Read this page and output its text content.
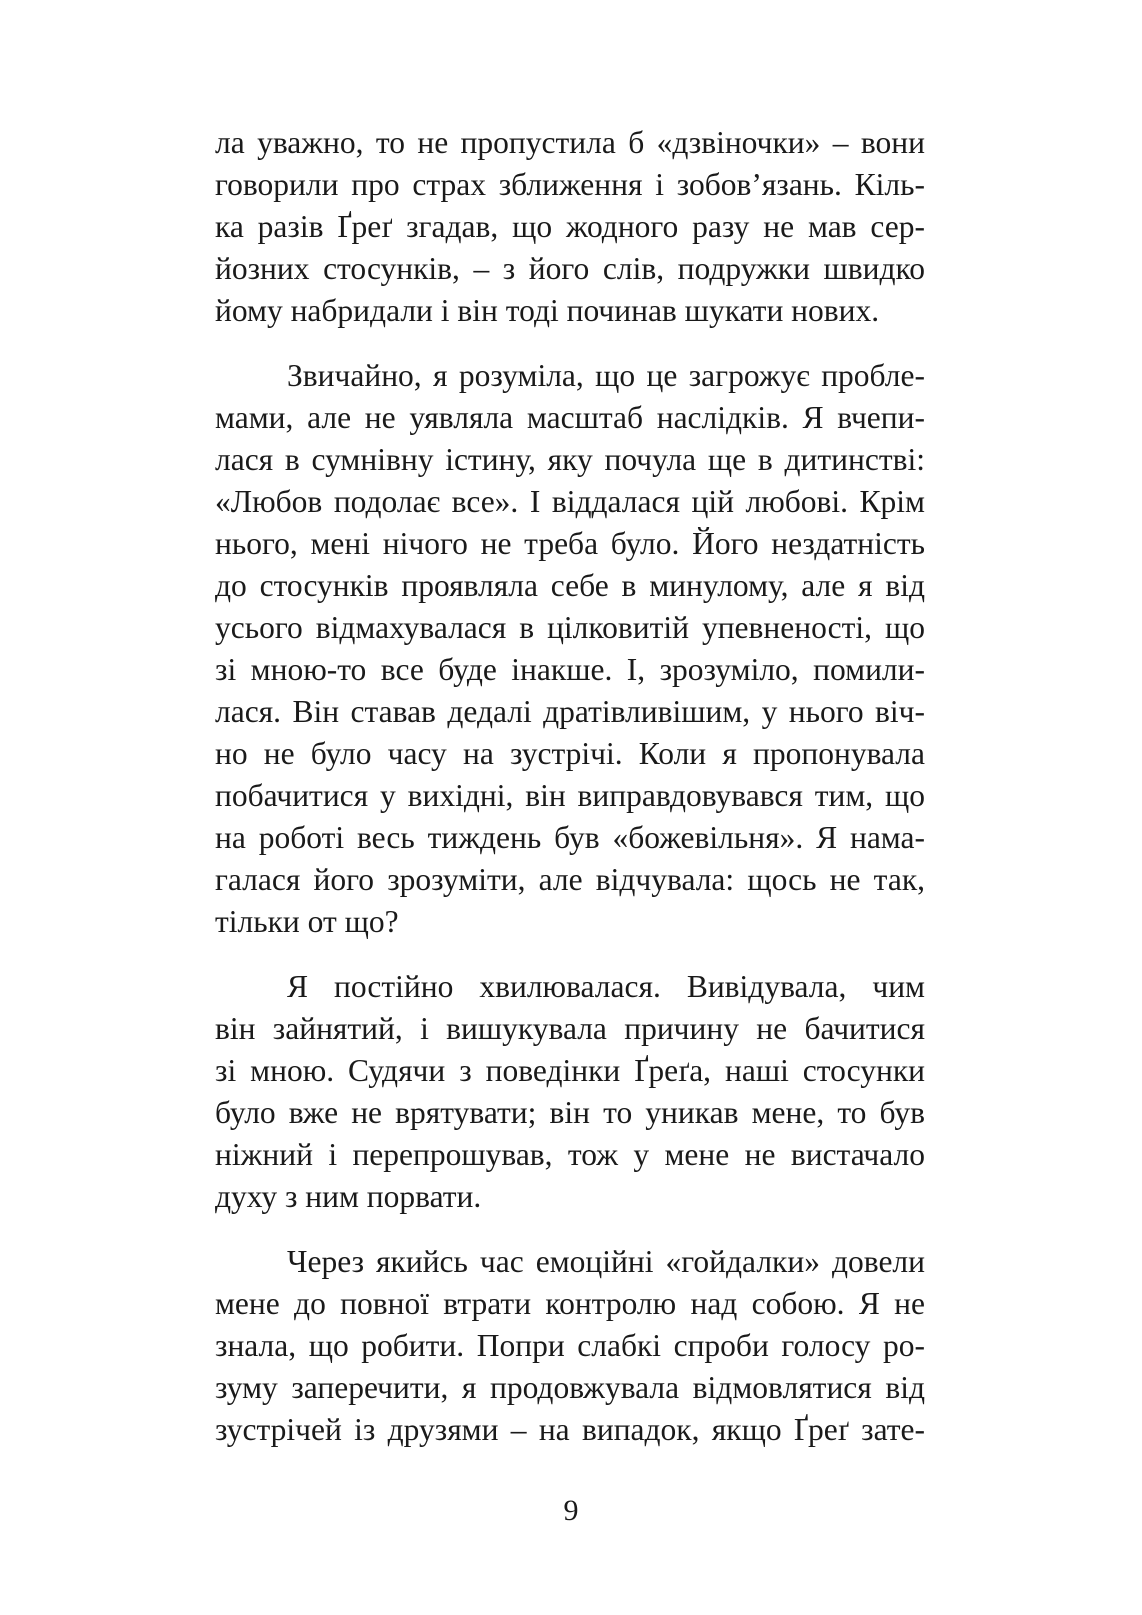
ла уважно, то не пропустила б «дзвіночки» – вони
говорили про страх зближення і зобов’язань. Кіль-
ка разів Ґреґ згадав, що жодного разу не мав сер-
йозних стосунків, – з його слів, подружки швидко
йому набридали і він тоді починав шукати нових.
Звичайно, я розуміла, що це загрожує пробле-
мами, але не уявляла масштаб наслідків. Я вчепи-
лася в сумнівну істину, яку почула ще в дитинстві:
«Любов подолає все». І віддалася цій любові. Крім
нього, мені нічого не треба було. Його нездатність
до стосунків проявляла себе в минулому, але я від
усього відмахувалася в цілковитій упевненості, що
зі мною-то все буде інакше. І, зрозуміло, помили-
лася. Він ставав дедалі дратівливішим, у нього віч-
но не було часу на зустрічі. Коли я пропонувала
побачитися у вихідні, він виправдовувався тим, що
на роботі весь тиждень був «божевільня». Я нама-
галася його зрозуміти, але відчувала: щось не так,
тільки от що?
Я постійно хвилювалася. Вивідувала, чим
він зайнятий, і вишукувала причину не бачитися
зі мною. Судячи з поведінки Ґреґа, наші стосунки
було вже не врятувати; він то уникав мене, то був
ніжний і перепрошував, тож у мене не вистачало
духу з ним порвати.
Через якийсь час емоційні «гойдалки» довели
мене до повної втрати контролю над собою. Я не
знала, що робити. Попри слабкі спроби голосу ро-
зуму заперечити, я продовжувала відмовлятися від
зустрічей із друзями – на випадок, якщо Ґреґ зате-
9
